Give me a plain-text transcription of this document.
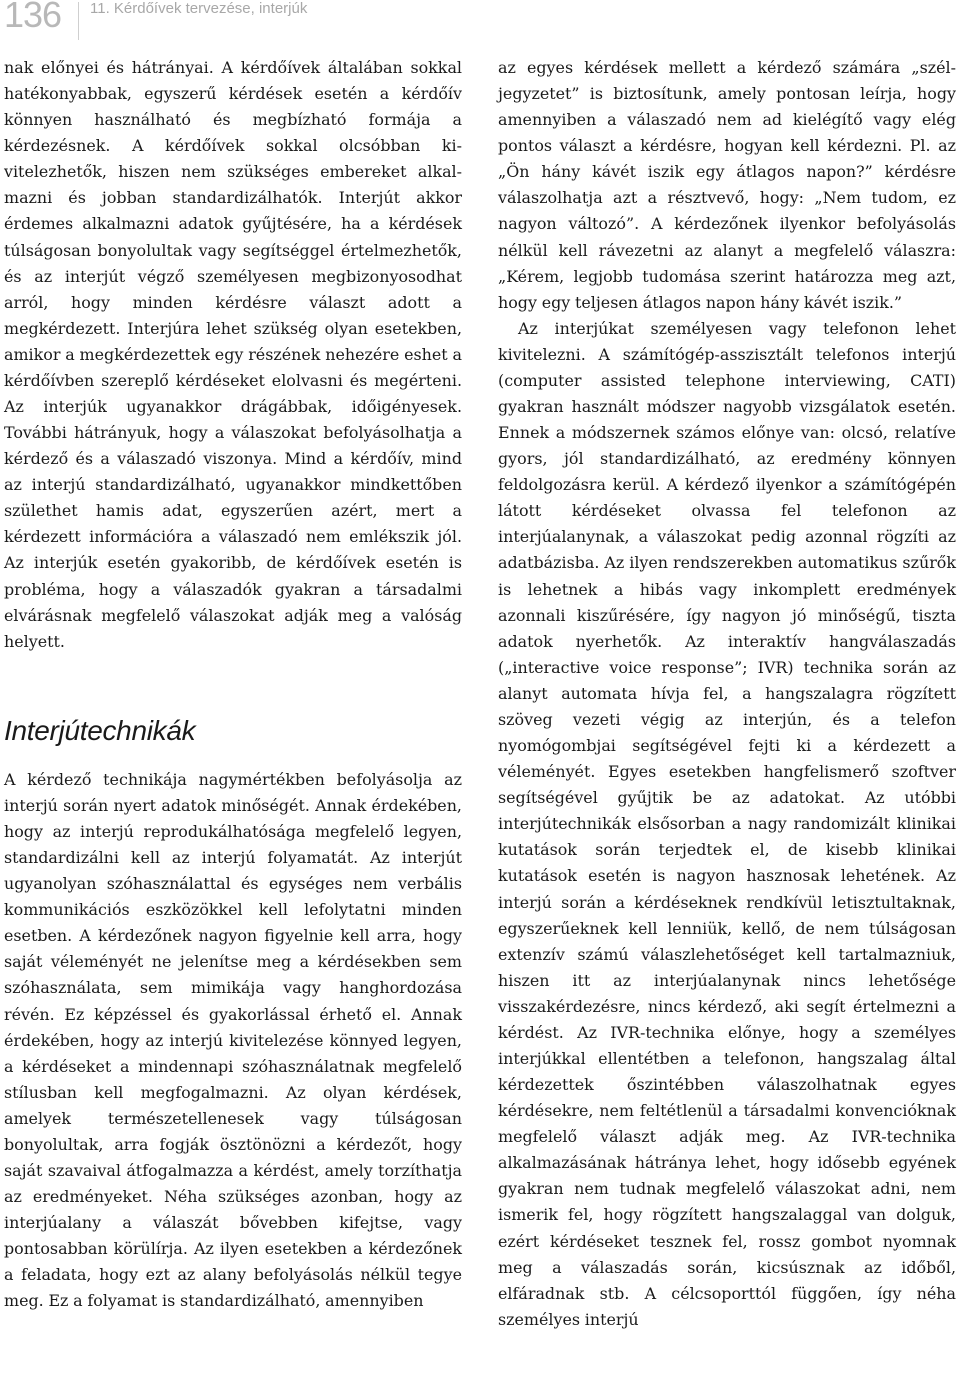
136 11. Kérdőívek tervezése, interjúk

nak előnyei és hátrányai. A kérdőívek általában sokkal hatékonyabbak, egyszerű kérdések esetén a kérdőív könnyen használható és megbízható formája a kérdezésnek. A kérdőívek sokkal olcsóbban kivitelezhetők, hiszen nem szükséges embereket alkalmazni és jobban standardizálhatók. Interjút akkor érdemes alkalmazni adatok gyűjtésére, ha a kérdések túlságosan bonyolultak vagy segítséggel értelmezhetők, és az interjút végző személyesen megbizonyosodhat arról, hogy minden kérdésre választ adott a megkérdezett. Interjúra lehet szükség olyan esetekben, amikor a megkérdezettek egy részének nehezére eshet a kérdőívben szereplő kérdéseket elolvasni és megérteni. Az interjúk ugyanakkor drágábbak, időigényesek. További hátrányuk, hogy a válaszokat befolyásolhatja a kérdező és a válaszadó viszonya. Mind a kérdőív, mind az interjú standardizálható, ugyanakkor mindkettőben születhet hamis adat, egyszerűen azért, mert a kérdezett információra a válaszadó nem emlékszik jól. Az interjúk esetén gyakoribb, de kérdőívek esetén is probléma, hogy a válaszadók gyakran a társadalmi elvárásnak megfelelő válaszokat adják meg a valóság helyett.

Interjútechnikák

A kérdező technikája nagymértékben befolyásolja az interjú során nyert adatok minőségét. Annak érdekében, hogy az interjú reprodukálhatósága megfelelő legyen, standardizálni kell az interjú folyamatát. Az interjút ugyanolyan szóhasználattal és egységes nem verbális kommunikációs eszközökkel kell lefolytatni minden esetben. A kérdezőnek nagyon figyelnie kell arra, hogy saját véleményét ne jelenítse meg a kérdésekben sem szóhasználata, sem mimikája vagy hanghordozása révén. Ez képzéssel és gyakorlással érhető el. Annak érdekében, hogy az interjú kivitelezése könnyed legyen, a kérdéseket a mindennapi szóhasználatnak megfelelő stílusban kell megfogalmazni. Az olyan kérdések, amelyek természetellenesek vagy túlságosan bonyolultak, arra fogják ösztönözni a kérdezőt, hogy saját szavaival átfogalmazza a kérdést, amely torzíthatja az eredményeket. Néha szükséges azonban, hogy az interjúalany a válaszát bővebben kifejtse, vagy pontosabban körülírja. Az ilyen esetekben a kérdezőnek a feladata, hogy ezt az alany befolyásolás nélkül tegye meg. Ez a folyamat is standardizálható, amennyiben

az egyes kérdések mellett a kérdező számára „széljegyzetet” is biztosítunk, amely pontosan leírja, hogy amennyiben a válaszadó nem ad kielégítő vagy elég pontos választ a kérdésre, hogyan kell kérdezni. Pl. az „Ön hány kávét iszik egy átlagos napon?” kérdésre válaszolhatja azt a résztvevő, hogy: „Nem tudom, ez nagyon változó”. A kérdezőnek ilyenkor befolyásolás nélkül kell rávezetni az alanyt a megfelelő válaszra: „Kérem, legjobb tudomása szerint határozza meg azt, hogy egy teljesen átlagos napon hány kávét iszik.”

Az interjúkat személyesen vagy telefonon lehet kivitelezni. A számítógép-asszisztált telefonos interjú (computer assisted telephone interviewing, CATI) gyakran használt módszer nagyobb vizsgálatok esetén. Ennek a módszernek számos előnye van: olcsó, relatíve gyors, jól standardizálható, az eredmény könnyen feldolgozásra kerül. A kérdező ilyenkor a számítógépén látott kérdéseket olvassa fel telefonon az interjúalanynak, a válaszokat pedig azonnal rögzíti az adatbázisba. Az ilyen rendszerekben automatikus szűrők is lehetnek a hibás vagy inkomplett eredmények azonnali kiszűrésére, így nagyon jó minőségű, tiszta adatok nyerhetők. Az interaktív hangválaszadás („interactive voice response”; IVR) technika során az alanyt automata hívja fel, a hangszalagra rögzített szöveg vezeti végig az interjún, és a telefon nyomógombjai segítségével fejti ki a kérdezett a véleményét. Egyes esetekben hangfelismerő szoftver segítségével gyűjtik be az adatokat. Az utóbbi interjútechnikák elsősorban a nagy randomizált klinikai kutatások során terjedtek el, de kisebb klinikai kutatások esetén is nagyon hasznosak lehetének. Az interjú során a kérdéseknek rendkívül letisztultaknak, egyszerűeknek kell lenniük, kellő, de nem túlságosan extenzív számú válaszlehetőséget kell tartalmazniuk, hiszen itt az interjúalanynak nincs lehetősége visszakérdezésre, nincs kérdező, aki segít értelmezni a kérdést. Az IVR-technika előnye, hogy a személyes interjúkkal ellentétben a telefonon, hangszalag által kérdezettek őszintébben válaszolhatnak egyes kérdésekre, nem feltétlenül a társadalmi konvencióknak megfelelő választ adják meg. Az IVR-technika alkalmazásának hátránya lehet, hogy idősebb egyének gyakran nem tudnak megfelelő válaszokat adni, nem ismerik fel, hogy rögzített hangszalaggal van dolguk, ezért kérdéseket tesznek fel, rossz gombot nyomnak meg a válaszadás során, kicsúsznak az időből, elfáradnak stb. A célcsoporttól függően, így néha személyes interjú
